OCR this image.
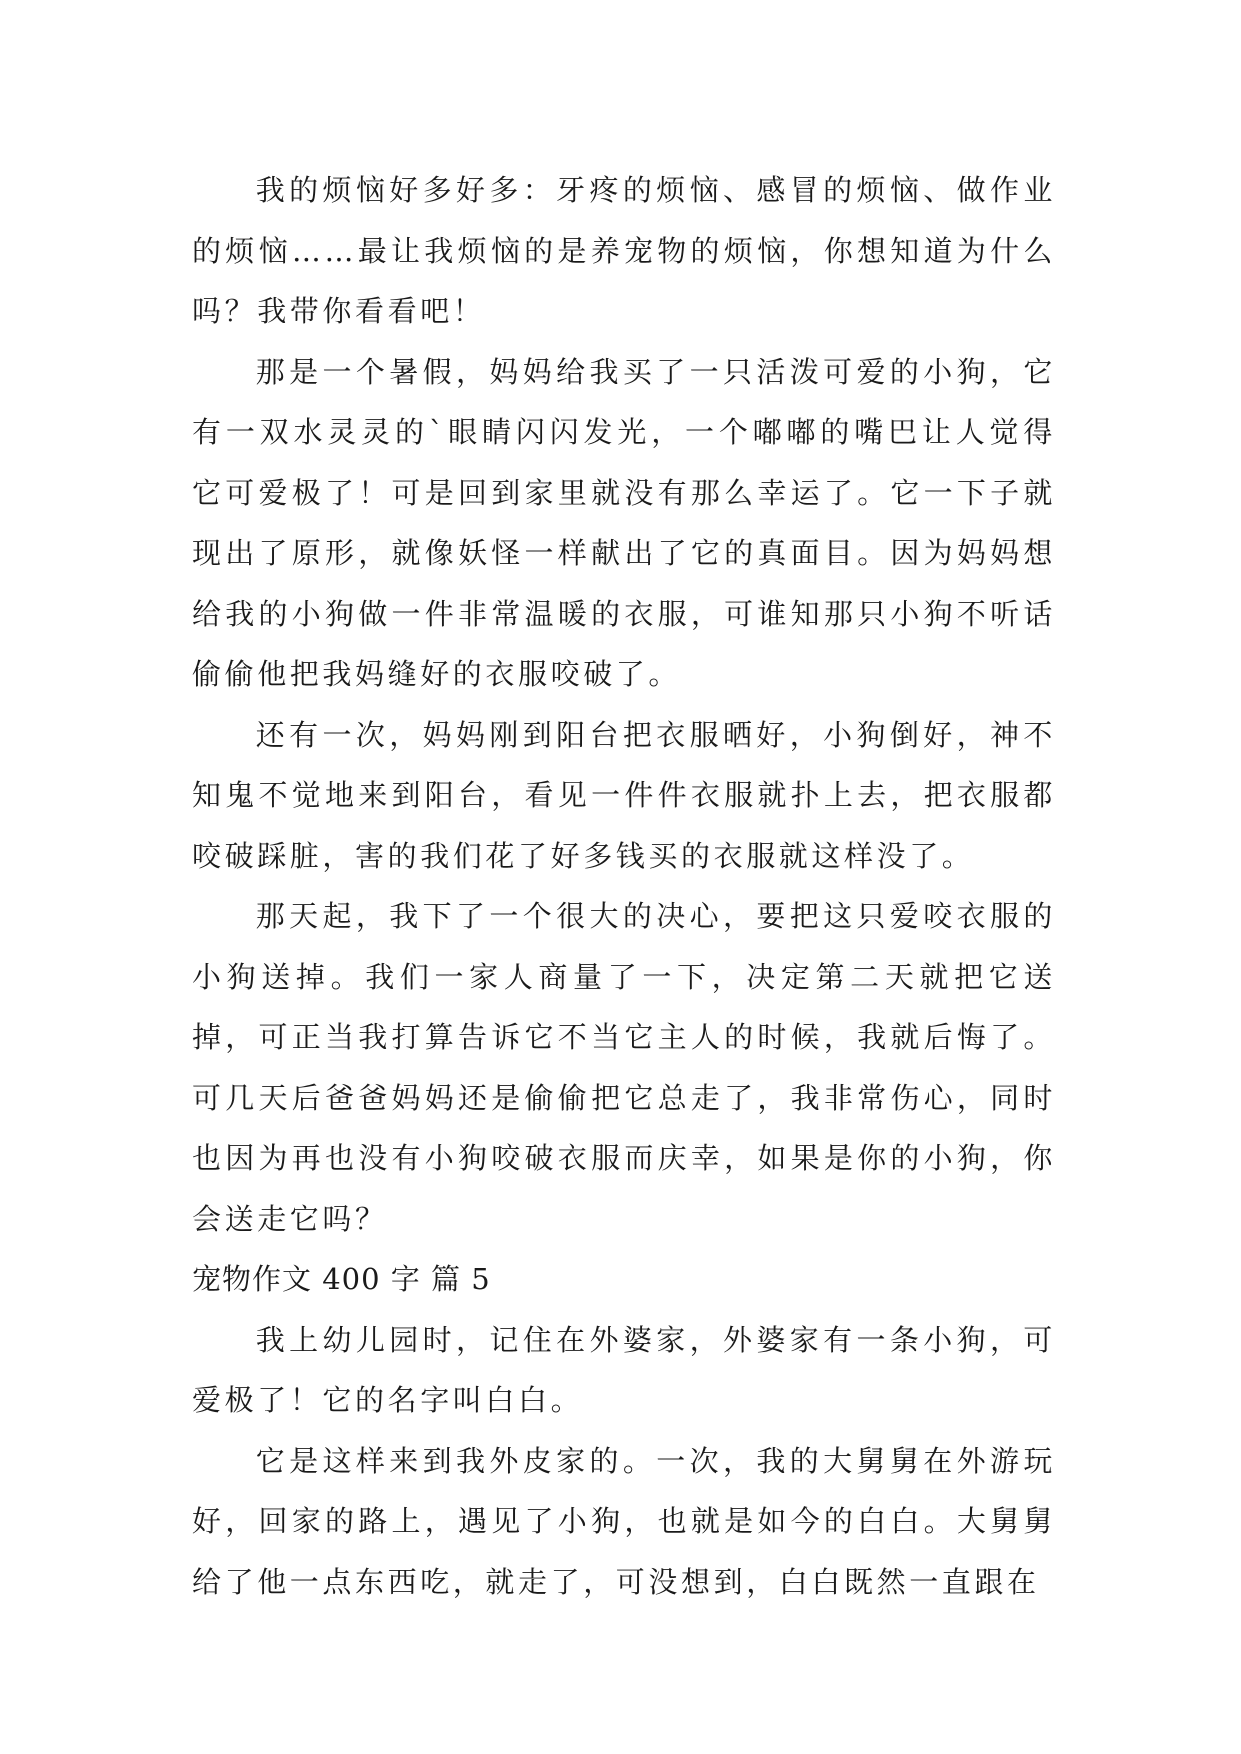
我的烦恼好多好多：牙疼的烦恼、感冒的烦恼、做作业的烦恼……最让我烦恼的是养宠物的烦恼，你想知道为什么吗？我带你看看吧！

那是一个暑假，妈妈给我买了一只活泼可爱的小狗，它有一双水灵灵的`眼睛闪闪发光，一个嘟嘟的嘴巴让人觉得它可爱极了！可是回到家里就没有那么幸运了。它一下子就现出了原形，就像妖怪一样献出了它的真面目。因为妈妈想给我的小狗做一件非常温暖的衣服，可谁知那只小狗不听话偷偷他把我妈缝好的衣服咬破了。

还有一次，妈妈刚到阳台把衣服晒好，小狗倒好，神不知鬼不觉地来到阳台，看见一件件衣服就扑上去，把衣服都咬破踩脏，害的我们花了好多钱买的衣服就这样没了。

那天起，我下了一个很大的决心，要把这只爱咬衣服的小狗送掉。我们一家人商量了一下，决定第二天就把它送掉，可正当我打算告诉它不当它主人的时候，我就后悔了。可几天后爸爸妈妈还是偷偷把它总走了，我非常伤心，同时也因为再也没有小狗咬破衣服而庆幸，如果是你的小狗，你会送走它吗？

宠物作文 400 字 篇 5

我上幼儿园时，记住在外婆家，外婆家有一条小狗，可爱极了！它的名字叫白白。

它是这样来到我外皮家的。一次，我的大舅舅在外游玩好，回家的路上，遇见了小狗，也就是如今的白白。大舅舅给了他一点东西吃，就走了，可没想到，白白既然一直跟在
